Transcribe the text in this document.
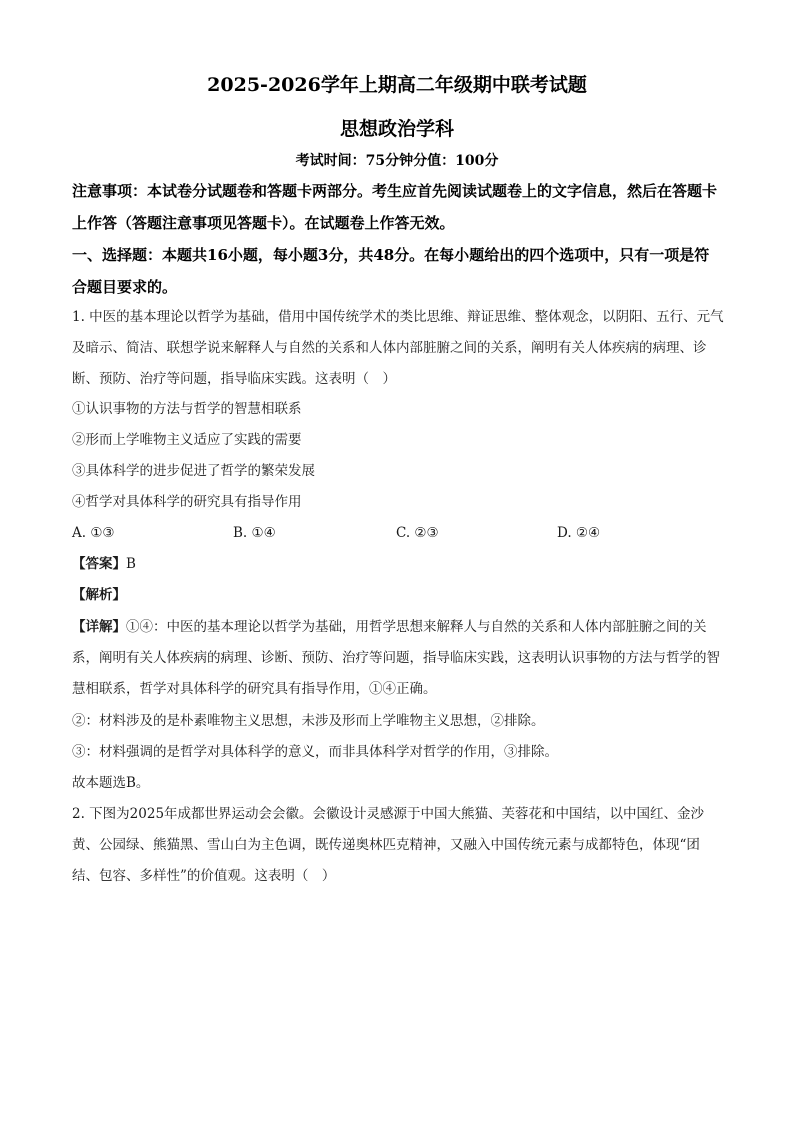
2025-2026学年上期高二年级期中联考试题
思想政治学科
考试时间：75分钟分值：100分
注意事项：本试卷分试题卷和答题卡两部分。考生应首先阅读试题卷上的文字信息，然后在答题卡上作答（答题注意事项见答题卡）。在试题卷上作答无效。
一、选择题：本题共16小题，每小题3分，共48分。在每小题给出的四个选项中，只有一项是符合题目要求的。
1. 中医的基本理论以哲学为基础，借用中国传统学术的类比思维、辩证思维、整体观念，以阴阳、五行、元气及暗示、简洁、联想学说来解释人与自然的关系和人体内部脏腑之间的关系，阐明有关人体疾病的病理、诊断、预防、治疗等问题，指导临床实践。这表明（　）
①认识事物的方法与哲学的智慧相联系
②形而上学唯物主义适应了实践的需要
③具体科学的进步促进了哲学的繁荣发展
④哲学对具体科学的研究具有指导作用
A. ①③	B. ①④	C. ②③	D. ②④
【答案】B
【解析】
【详解】①④：中医的基本理论以哲学为基础，用哲学思想来解释人与自然的关系和人体内部脏腑之间的关系，阐明有关人体疾病的病理、诊断、预防、治疗等问题，指导临床实践，这表明认识事物的方法与哲学的智慧相联系，哲学对具体科学的研究具有指导作用，①④正确。
②：材料涉及的是朴素唯物主义思想，未涉及形而上学唯物主义思想，②排除。
③：材料强调的是哲学对具体科学的意义，而非具体科学对哲学的作用，③排除。
故本题选B。
2. 下图为2025年成都世界运动会会徽。会徽设计灵感源于中国大熊猫、芙蓉花和中国结，以中国红、金沙黄、公园绿、熊猫黑、雪山白为主色调，既传递奥林匹克精神，又融入中国传统元素与成都特色，体现“团结、包容、多样性”的价值观。这表明（　）
